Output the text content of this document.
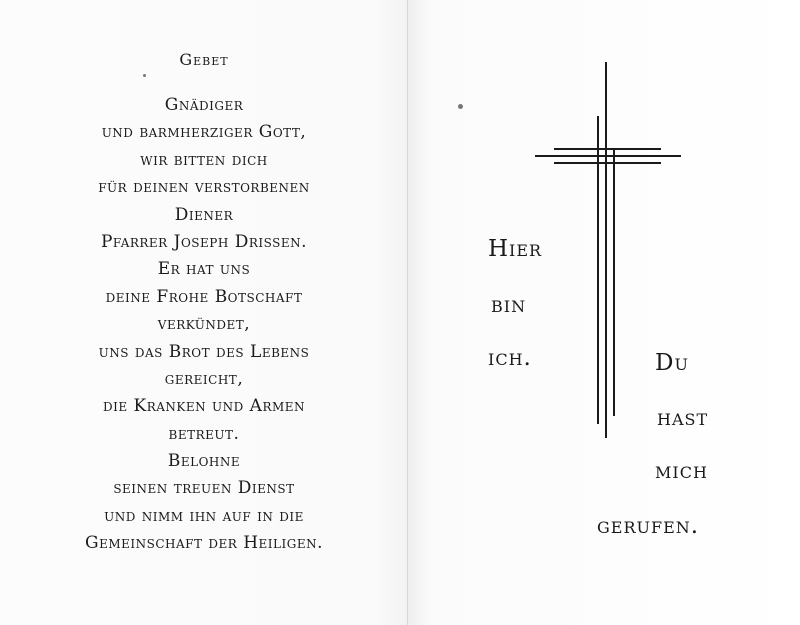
Gebet
Gnädiger
und barmherziger Gott,
wir bitten dich
für deinen verstorbenen
Diener
Pfarrer Joseph Drissen.
Er hat uns
deine Frohe Botschaft
verkündet,
uns das Brot des Lebens
gereicht,
die Kranken und Armen
betreut.
Belohne
seinen treuen Dienst
und nimm ihn auf in die
Gemeinschaft der Heiligen.
Hier
bin
ich.	Du
hast
mich
gerufen.
